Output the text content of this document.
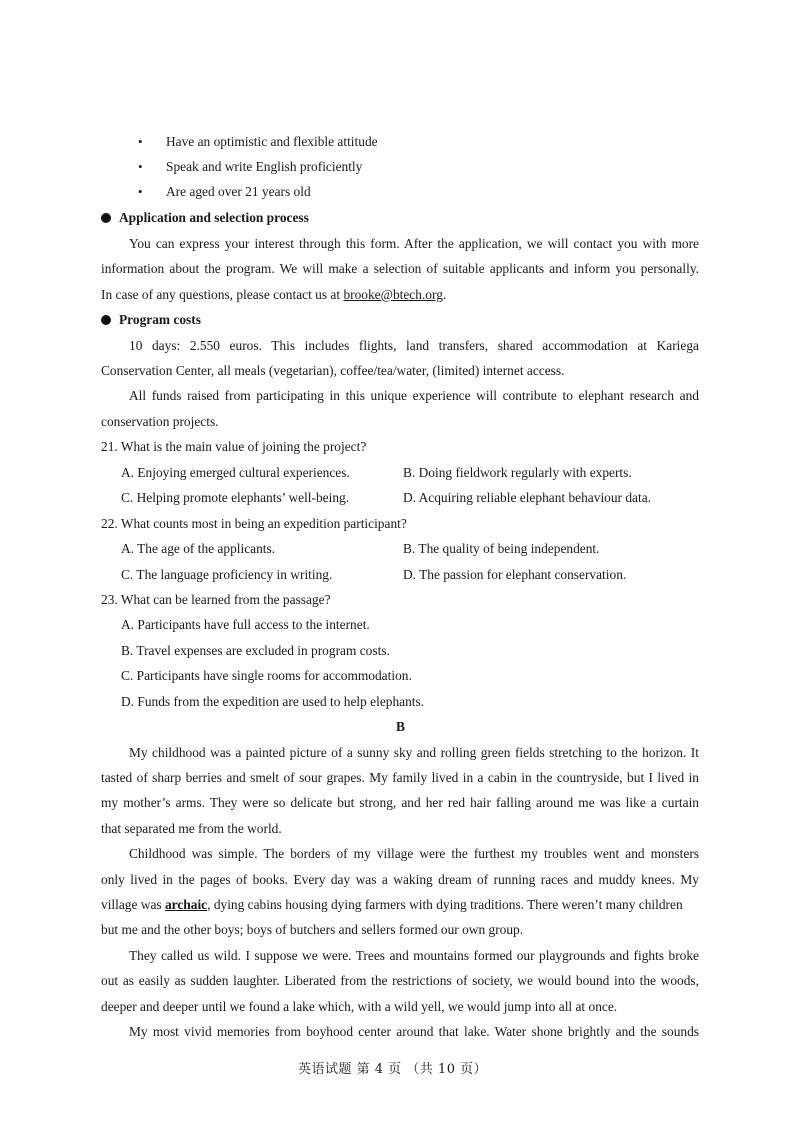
• Have an optimistic and flexible attitude
• Speak and write English proficiently
• Are aged over 21 years old
Application and selection process
You can express your interest through this form. After the application, we will contact you with more
information about the program. We will make a selection of suitable applicants and inform you personally.
In case of any questions, please contact us at brooke@btech.org.
Program costs
10 days: 2.550 euros. This includes flights, land transfers, shared accommodation at Kariega
Conservation Center, all meals (vegetarian), coffee/tea/water, (limited) internet access.
All funds raised from participating in this unique experience will contribute to elephant research and
conservation projects.
21. What is the main value of joining the project?
A. Enjoying emerged cultural experiences.	B. Doing fieldwork regularly with experts.
C. Helping promote elephants’ well-being.	D. Acquiring reliable elephant behaviour data.
22. What counts most in being an expedition participant?
A. The age of the applicants.	B. The quality of being independent.
C. The language proficiency in writing.	D. The passion for elephant conservation.
23. What can be learned from the passage?
A. Participants have full access to the internet.
B. Travel expenses are excluded in program costs.
C. Participants have single rooms for accommodation.
D. Funds from the expedition are used to help elephants.
B
My childhood was a painted picture of a sunny sky and rolling green fields stretching to the horizon. It
tasted of sharp berries and smelt of sour grapes. My family lived in a cabin in the countryside, but I lived in
my mother’s arms. They were so delicate but strong, and her red hair falling around me was like a curtain
that separated me from the world.
Childhood was simple. The borders of my village were the furthest my troubles went and monsters
only lived in the pages of books. Every day was a waking dream of running races and muddy knees. My
village was archaic, dying cabins housing dying farmers with dying traditions. There weren’t many children
but me and the other boys; boys of butchers and sellers formed our own group.
They called us wild. I suppose we were. Trees and mountains formed our playgrounds and fights broke
out as easily as sudden laughter. Liberated from the restrictions of society, we would bound into the woods,
deeper and deeper until we found a lake which, with a wild yell, we would jump into all at once.
My most vivid memories from boyhood center around that lake. Water shone brightly and the sounds
英语试题 第 4 页 （共 10 页）
